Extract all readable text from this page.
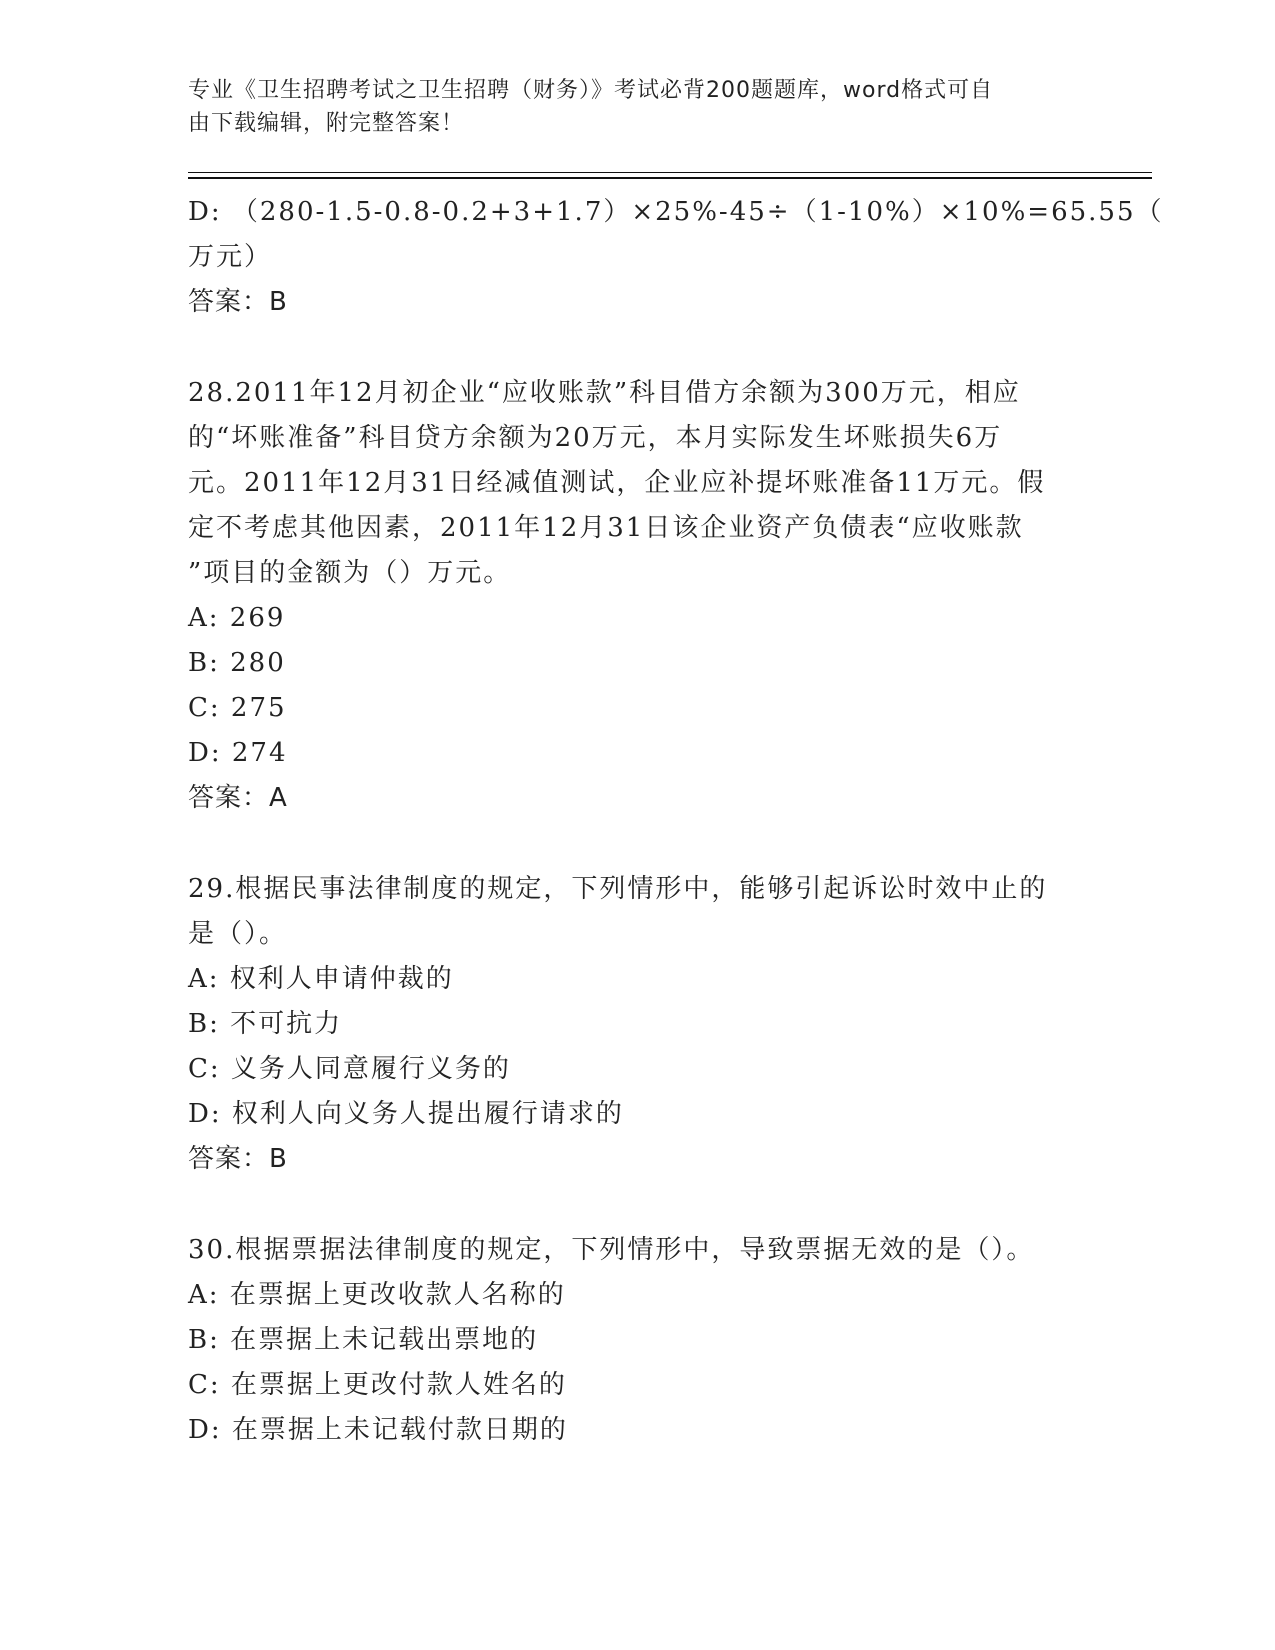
专业《卫生招聘考试之卫生招聘（财务）》考试必背200题题库，word格式可自
由下载编辑，附完整答案！
D: （280-1.5-0.8-0.2+3+1.7）×25%-45÷（1-10%）×10%=65.55（
万元）
答案：B
28.2011年12月初企业“应收账款”科目借方余额为300万元，相应
的“坏账准备”科目贷方余额为20万元，本月实际发生坏账损失6万
元。2011年12月31日经减值测试，企业应补提坏账准备11万元。假
定不考虑其他因素，2011年12月31日该企业资产负债表“应收账款
”项目的金额为（）万元。
A: 269
B: 280
C: 275
D: 274
答案：A
29.根据民事法律制度的规定，下列情形中，能够引起诉讼时效中止的
是（）。
A: 权利人申请仲裁的
B: 不可抗力
C: 义务人同意履行义务的
D: 权利人向义务人提出履行请求的
答案：B
30.根据票据法律制度的规定，下列情形中，导致票据无效的是（）。
A: 在票据上更改收款人名称的
B: 在票据上未记载出票地的
C: 在票据上更改付款人姓名的
D: 在票据上未记载付款日期的
